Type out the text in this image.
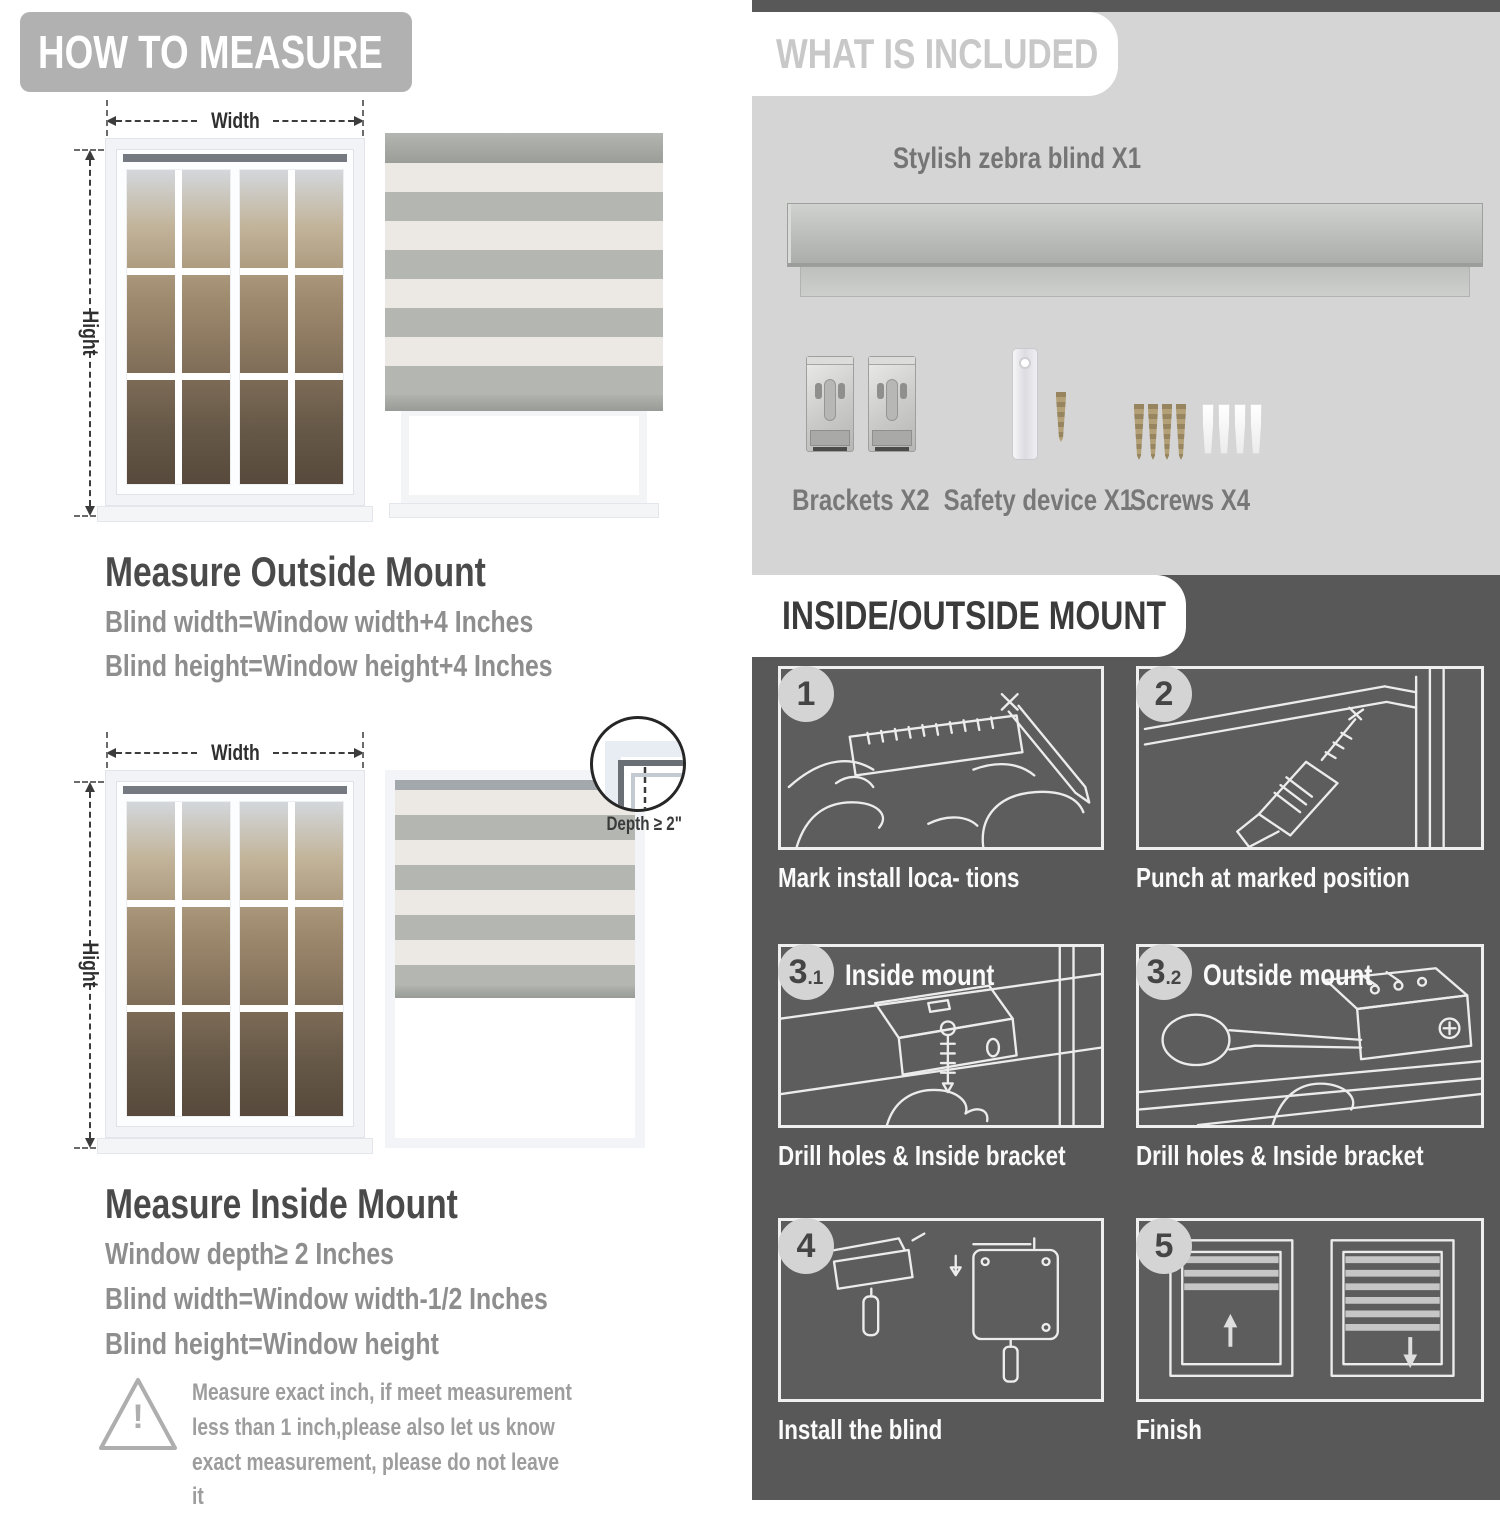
HOW TO MEASURE
Width
Hight
Measure Outside Mount
Blind width=Window width+4 Inches
Blind height=Window height+4 Inches
Width
Hight
Depth ≥ 2"
Measure Inside Mount
Window depth≥ 2 Inches
Blind width=Window width-1/2 Inches
Blind height=Window height
!
Measure exact inch, if meet measurement less than 1 inch,please also let us know exact measurement, please do not leave it
WHAT IS INCLUDED
Stylish zebra blind X1
Brackets X2 Safety device X1
Screws X4
INSIDE/OUTSIDE MOUNT
1
Mark install loca- tions
2
Punch at marked position
3 .1 Inside mount
Drill holes & Inside bracket
3 .2 Outside mount
Drill holes & Inside bracket
4
Install the blind
5
Finish
